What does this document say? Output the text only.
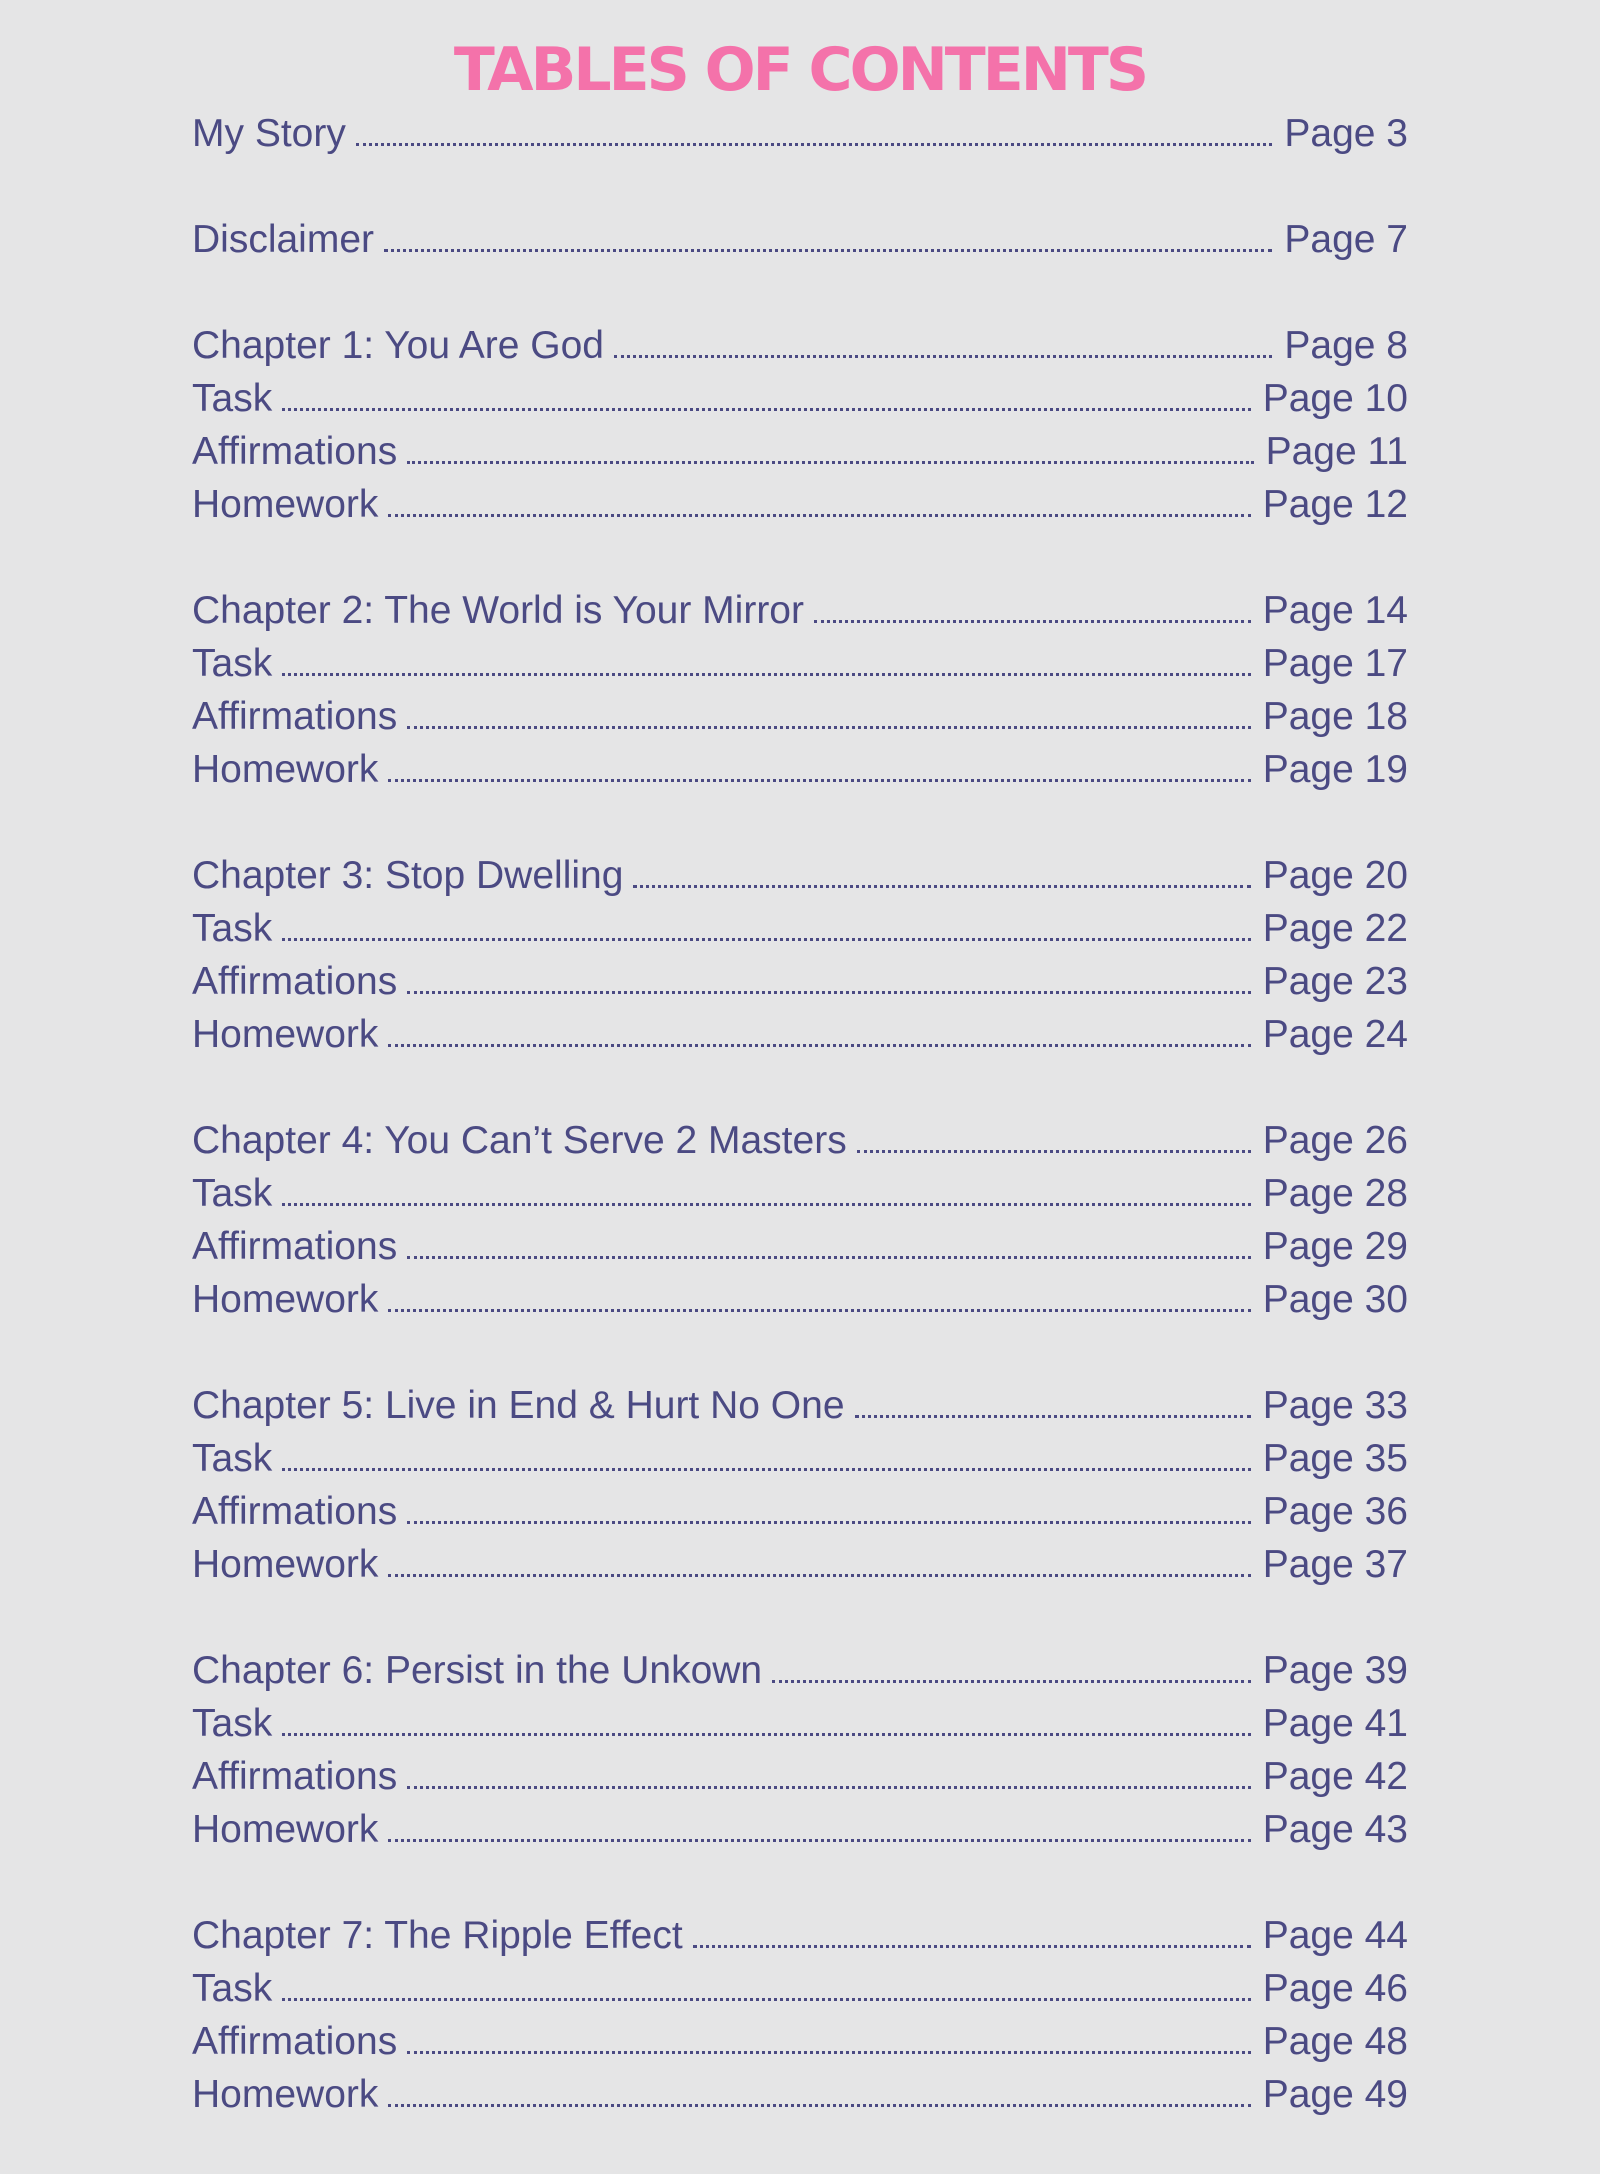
TABLES OF CONTENTS
My Story	Page 3
Disclaimer	Page 7
Chapter 1: You Are God	Page 8
Task	Page 10
Affirmations	Page 11
Homework	Page 12
Chapter 2: The World is Your Mirror	Page 14
Task	Page 17
Affirmations	Page 18
Homework	Page 19
Chapter 3: Stop Dwelling	Page 20
Task	Page 22
Affirmations	Page 23
Homework	Page 24
Chapter 4: You Can’t Serve 2 Masters	Page 26
Task	Page 28
Affirmations	Page 29
Homework	Page 30
Chapter 5: Live in End & Hurt No One	Page 33
Task	Page 35
Affirmations	Page 36
Homework	Page 37
Chapter 6: Persist in the Unkown	Page 39
Task	Page 41
Affirmations	Page 42
Homework	Page 43
Chapter 7: The Ripple Effect	Page 44
Task	Page 46
Affirmations	Page 48
Homework	Page 49
